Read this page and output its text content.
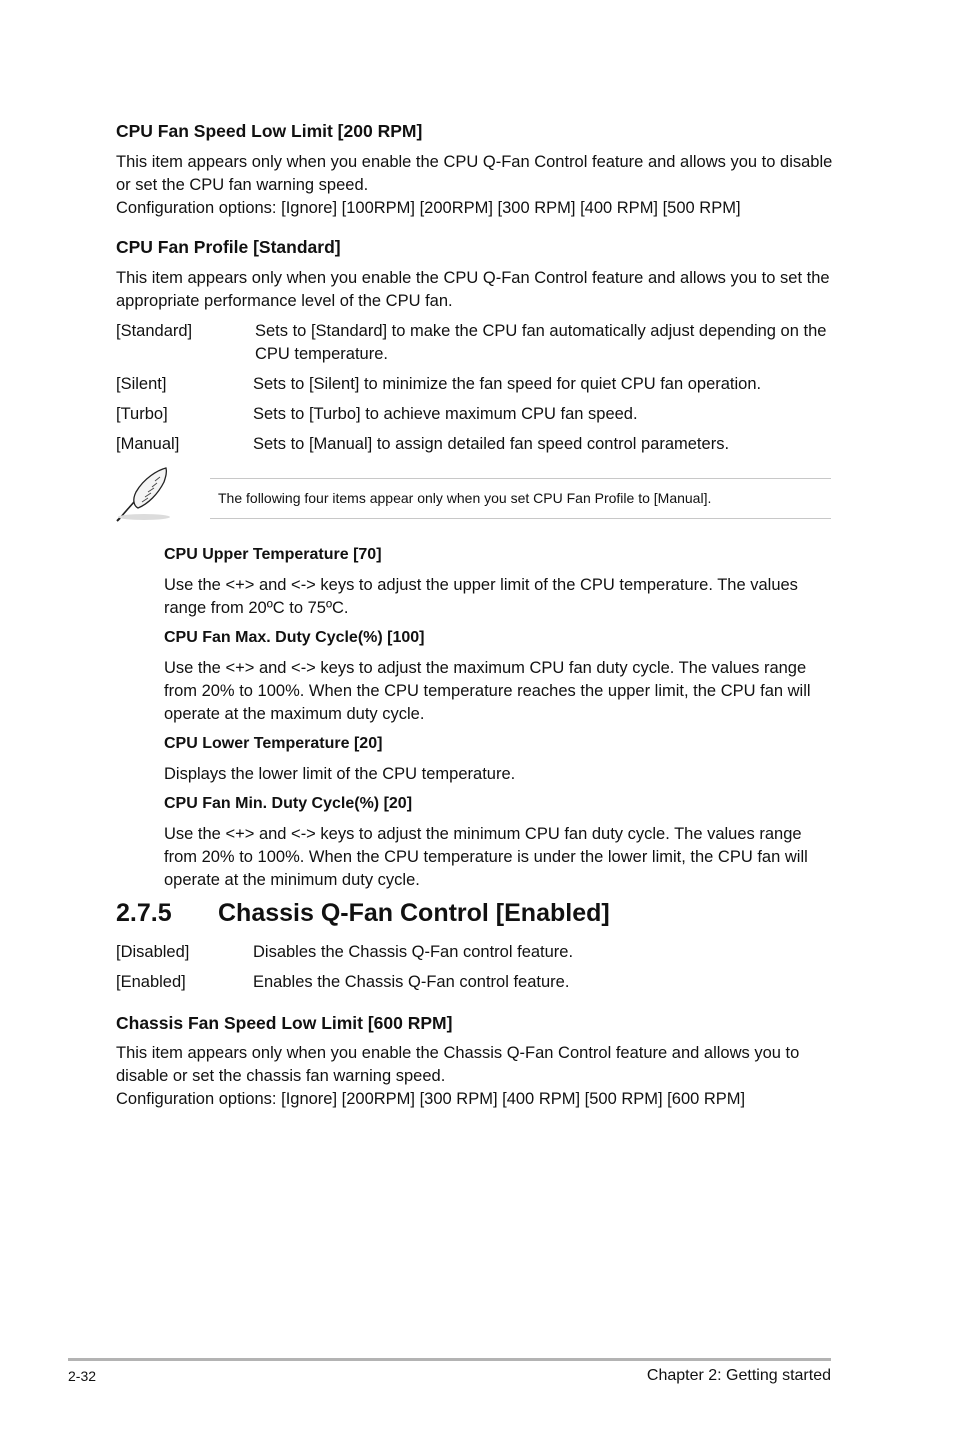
CPU Fan Speed Low Limit [200 RPM]
This item appears only when you enable the CPU Q-Fan Control feature and allows you to disable or set the CPU fan warning speed.
Configuration options: [Ignore] [100RPM] [200RPM] [300 RPM] [400 RPM] [500 RPM]
CPU Fan Profile [Standard]
This item appears only when you enable the CPU Q-Fan Control feature and allows you to set the appropriate performance level of the CPU fan.
[Standard]	Sets to [Standard] to make the CPU fan automatically adjust depending on the CPU temperature.
[Silent]	Sets to [Silent] to minimize the fan speed for quiet CPU fan operation.
[Turbo]	Sets to [Turbo] to achieve maximum CPU fan speed.
[Manual]	Sets to [Manual] to assign detailed fan speed control parameters.
The following four items appear only when you set CPU Fan Profile to [Manual].
CPU Upper Temperature [70]
Use the <+> and <-> keys to adjust the upper limit of the CPU temperature. The values range from 20ºC to 75ºC.
CPU Fan Max. Duty Cycle(%) [100]
Use the <+> and <-> keys to adjust the maximum CPU fan duty cycle. The values range from 20% to 100%. When the CPU temperature reaches the upper limit, the CPU fan will operate at the maximum duty cycle.
CPU Lower Temperature [20]
Displays the lower limit of the CPU temperature.
CPU Fan Min. Duty Cycle(%) [20]
Use the <+> and <-> keys to adjust the minimum CPU fan duty cycle. The values range from 20% to 100%. When the CPU temperature is under the lower limit, the CPU fan will operate at the minimum duty cycle.
2.7.5 Chassis Q-Fan Control [Enabled]
[Disabled]	Disables the Chassis Q-Fan control feature.
[Enabled]	Enables the Chassis Q-Fan control feature.
Chassis Fan Speed Low Limit [600 RPM]
This item appears only when you enable the Chassis Q-Fan Control feature and allows you to disable or set the chassis fan warning speed.
Configuration options: [Ignore] [200RPM] [300 RPM] [400 RPM] [500 RPM] [600 RPM]
2-32	Chapter 2: Getting started
